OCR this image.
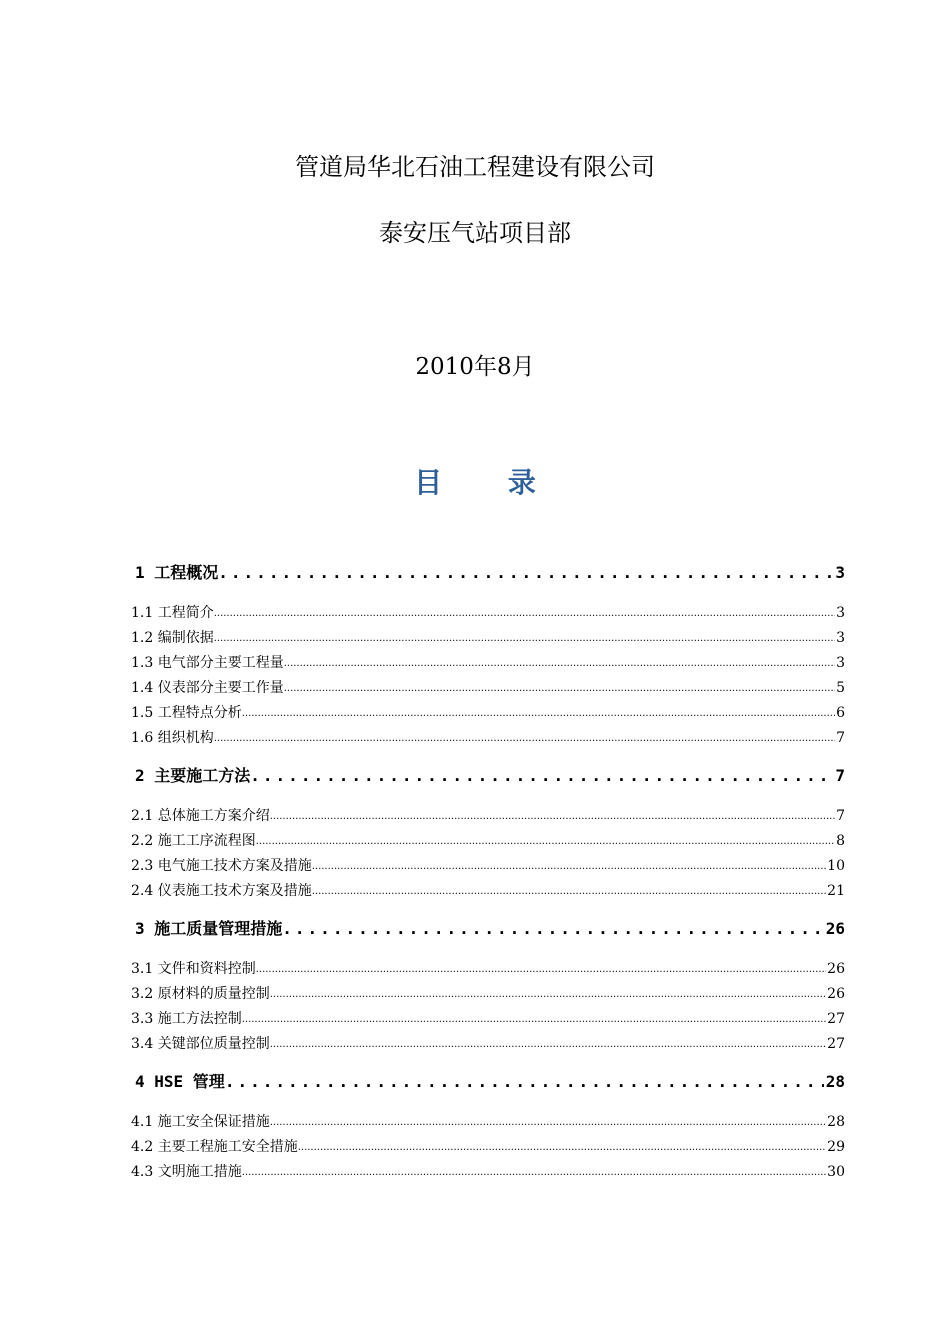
管道局华北石油工程建设有限公司
泰安压气站项目部
2010年8月
目 录
1 工程概况 .....	3
1.1 工程简介 .....	3
1.2 编制依据 .....	3
1.3 电气部分主要工程量 .....	3
1.4 仪表部分主要工作量 .....	5
1.5 工程特点分析 .....	6
1.6 组织机构 .....	7
2 主要施工方法 .....	7
2.1 总体施工方案介绍 .....	7
2.2 施工工序流程图 .....	8
2.3 电气施工技术方案及措施 .....	10
2.4 仪表施工技术方案及措施 .....	21
3 施工质量管理措施 .....	26
3.1 文件和资料控制 .....	26
3.2 原材料的质量控制 .....	26
3.3 施工方法控制 .....	27
3.4 关键部位质量控制 .....	27
4 HSE 管理 .....	28
4.1 施工安全保证措施 .....	28
4.2 主要工程施工安全措施 .....	29
4.3 文明施工措施 .....	30
